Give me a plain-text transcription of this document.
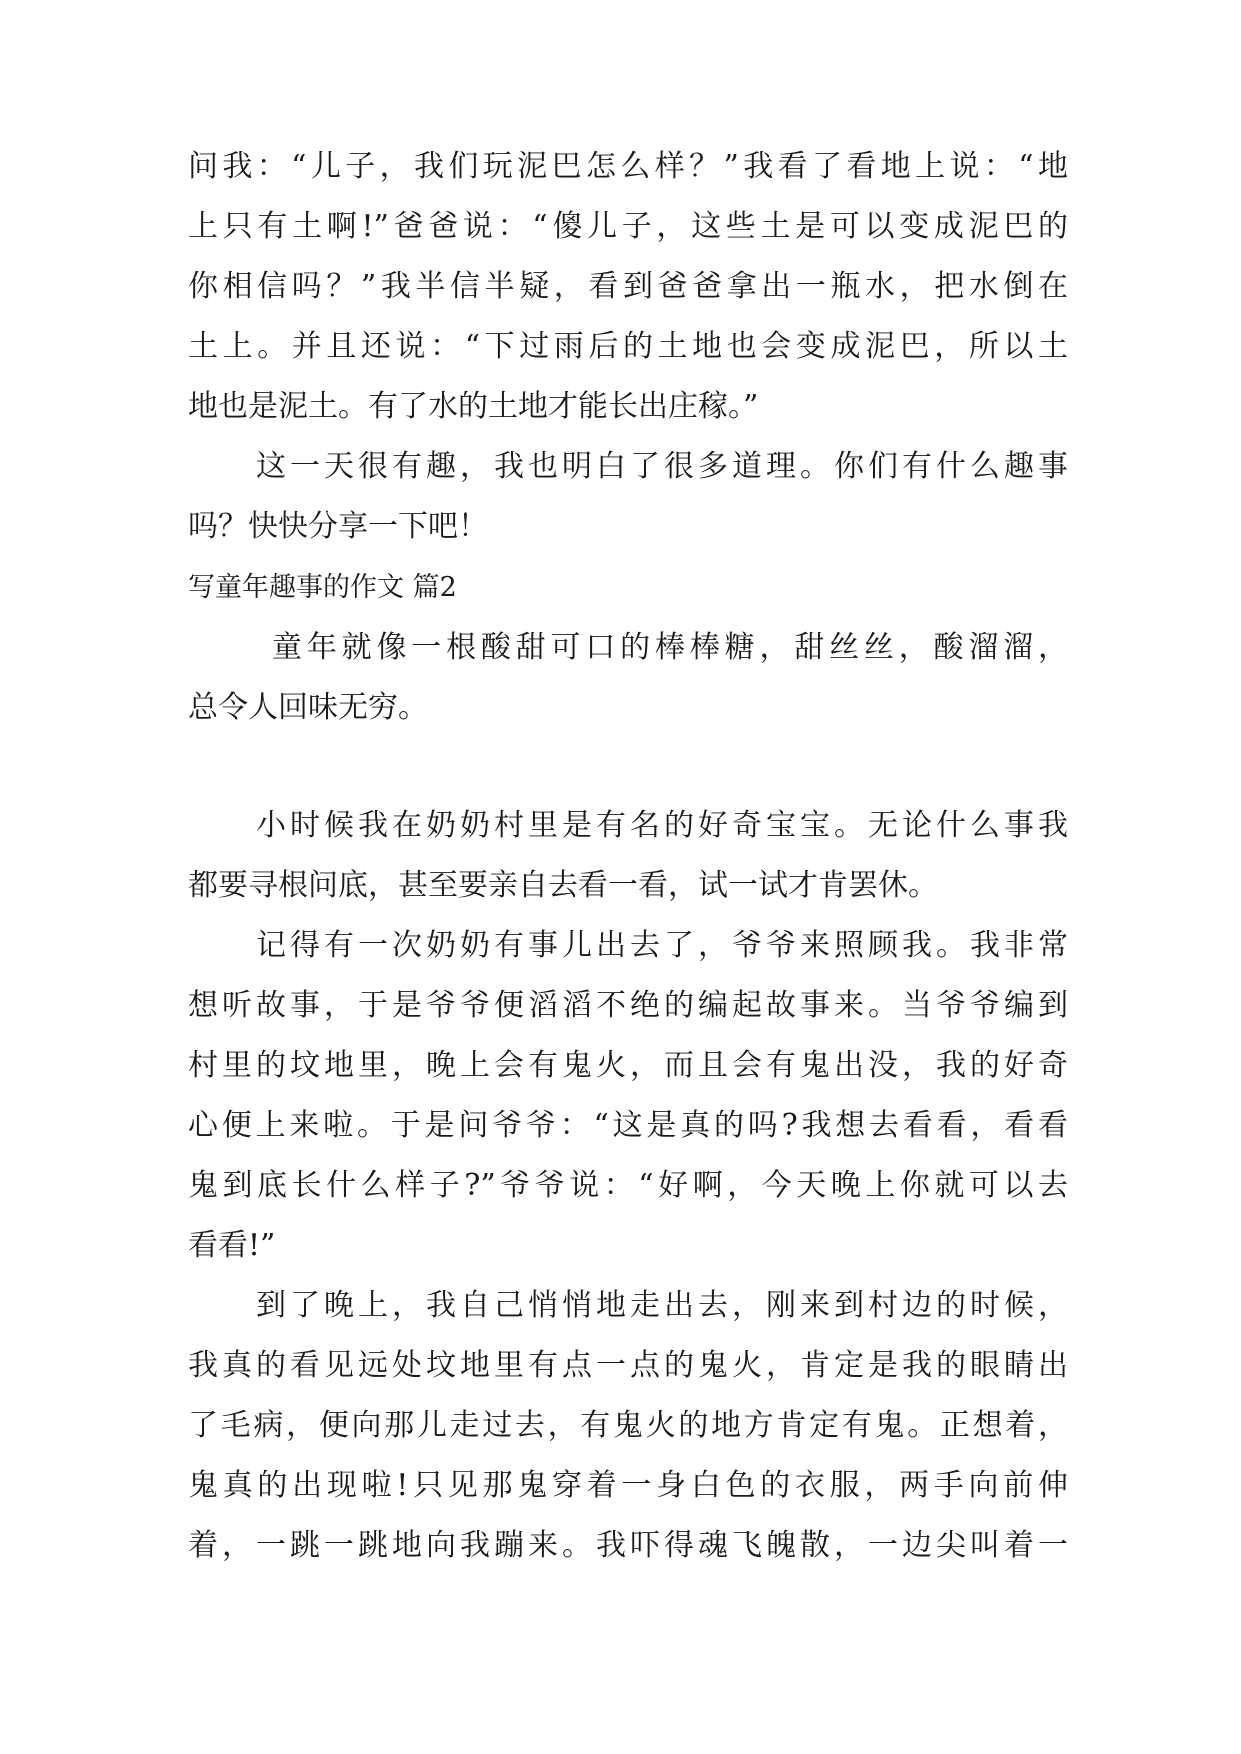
问我：“儿子，我们玩泥巴怎么样？”我看了看地上说：“地

上只有土啊!”爸爸说：“傻儿子，这些土是可以变成泥巴的

你相信吗？”我半信半疑，看到爸爸拿出一瓶水，把水倒在

土上。并且还说：“下过雨后的土地也会变成泥巴，所以土

地也是泥土。有了水的土地才能长出庄稼。”

这一天很有趣，我也明白了很多道理。你们有什么趣事

吗？快快分享一下吧！

写童年趣事的作文 篇2

童年就像一根酸甜可口的棒棒糖，甜丝丝，酸溜溜，

总令人回味无穷。

小时候我在奶奶村里是有名的好奇宝宝。无论什么事我

都要寻根问底，甚至要亲自去看一看，试一试才肯罢休。

记得有一次奶奶有事儿出去了，爷爷来照顾我。我非常

想听故事，于是爷爷便滔滔不绝的编起故事来。当爷爷编到

村里的坟地里，晚上会有鬼火，而且会有鬼出没，我的好奇

心便上来啦。于是问爷爷：“这是真的吗?我想去看看，看看

鬼到底长什么样子?”爷爷说：“好啊，今天晚上你就可以去

看看!”

到了晚上，我自己悄悄地走出去，刚来到村边的时候，

我真的看见远处坟地里有点一点的鬼火，肯定是我的眼睛出

了毛病，便向那儿走过去，有鬼火的地方肯定有鬼。正想着，

鬼真的出现啦!只见那鬼穿着一身白色的衣服，两手向前伸

着，一跳一跳地向我蹦来。我吓得魂飞魄散，一边尖叫着一
